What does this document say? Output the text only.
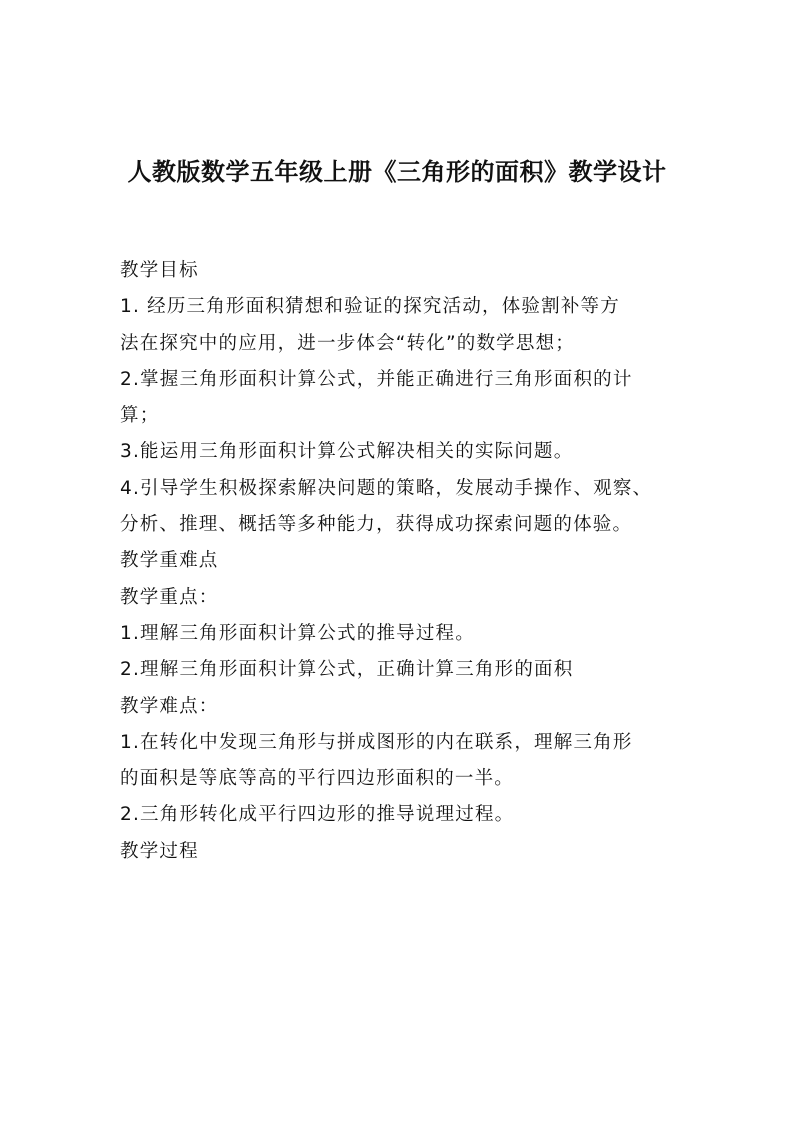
人教版数学五年级上册《三角形的面积》教学设计
教学目标
1. 经历三角形面积猜想和验证的探究活动，体验割补等方
法在探究中的应用，进一步体会“转化”的数学思想；
2.掌握三角形面积计算公式，并能正确进行三角形面积的计
算；
3.能运用三角形面积计算公式解决相关的实际问题。
4.引导学生积极探索解决问题的策略，发展动手操作、观察、
分析、推理、概括等多种能力，获得成功探索问题的体验。
教学重难点
教学重点：
1.理解三角形面积计算公式的推导过程。
2.理解三角形面积计算公式，正确计算三角形的面积
教学难点：
1.在转化中发现三角形与拼成图形的内在联系，理解三角形
的面积是等底等高的平行四边形面积的一半。
2.三角形转化成平行四边形的推导说理过程。
教学过程
